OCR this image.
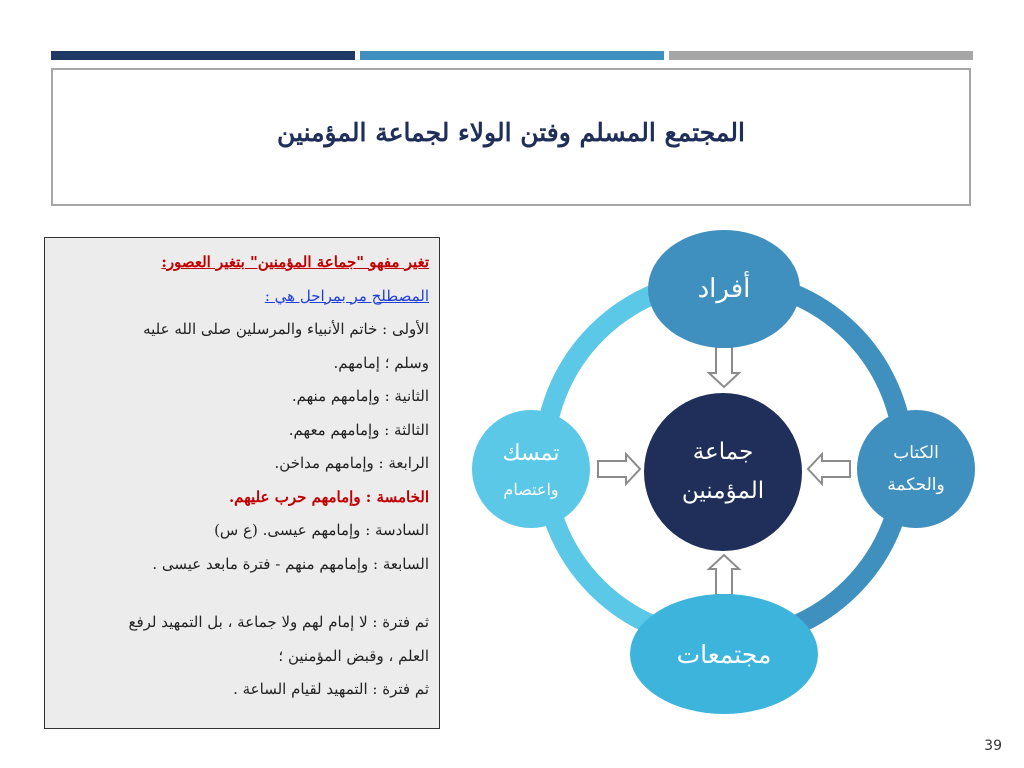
المجتمع المسلم وفتن الولاء لجماعة المؤمنين
تغير مفهو "جماعة المؤمنين" بتغير العصور:
المصطلح مر بمراحل هي :
الأولى : خاتم الأنبياء والمرسلين صلى الله عليه
وسلم ؛ إمامهم.
الثانية : وإمامهم منهم.
الثالثة : وإمامهم معهم.
الرابعة : وإمامهم مداخن.
الخامسة : وإمامهم حرب عليهم.
السادسة : وإمامهم عيسى. (ع س)
السابعة : وإمامهم منهم - فترة مابعد عيسى .
ثم فترة : لا إمام لهم ولا جماعة ، بل التمهيد لرفع
العلم ، وقبض المؤمنين ؛
ثم فترة : التمهيد لقيام الساعة .
جماعة
المؤمنين
أفراد
مجتمعات
الكتاب
والحكمة
تمسك
واعتصام
39
